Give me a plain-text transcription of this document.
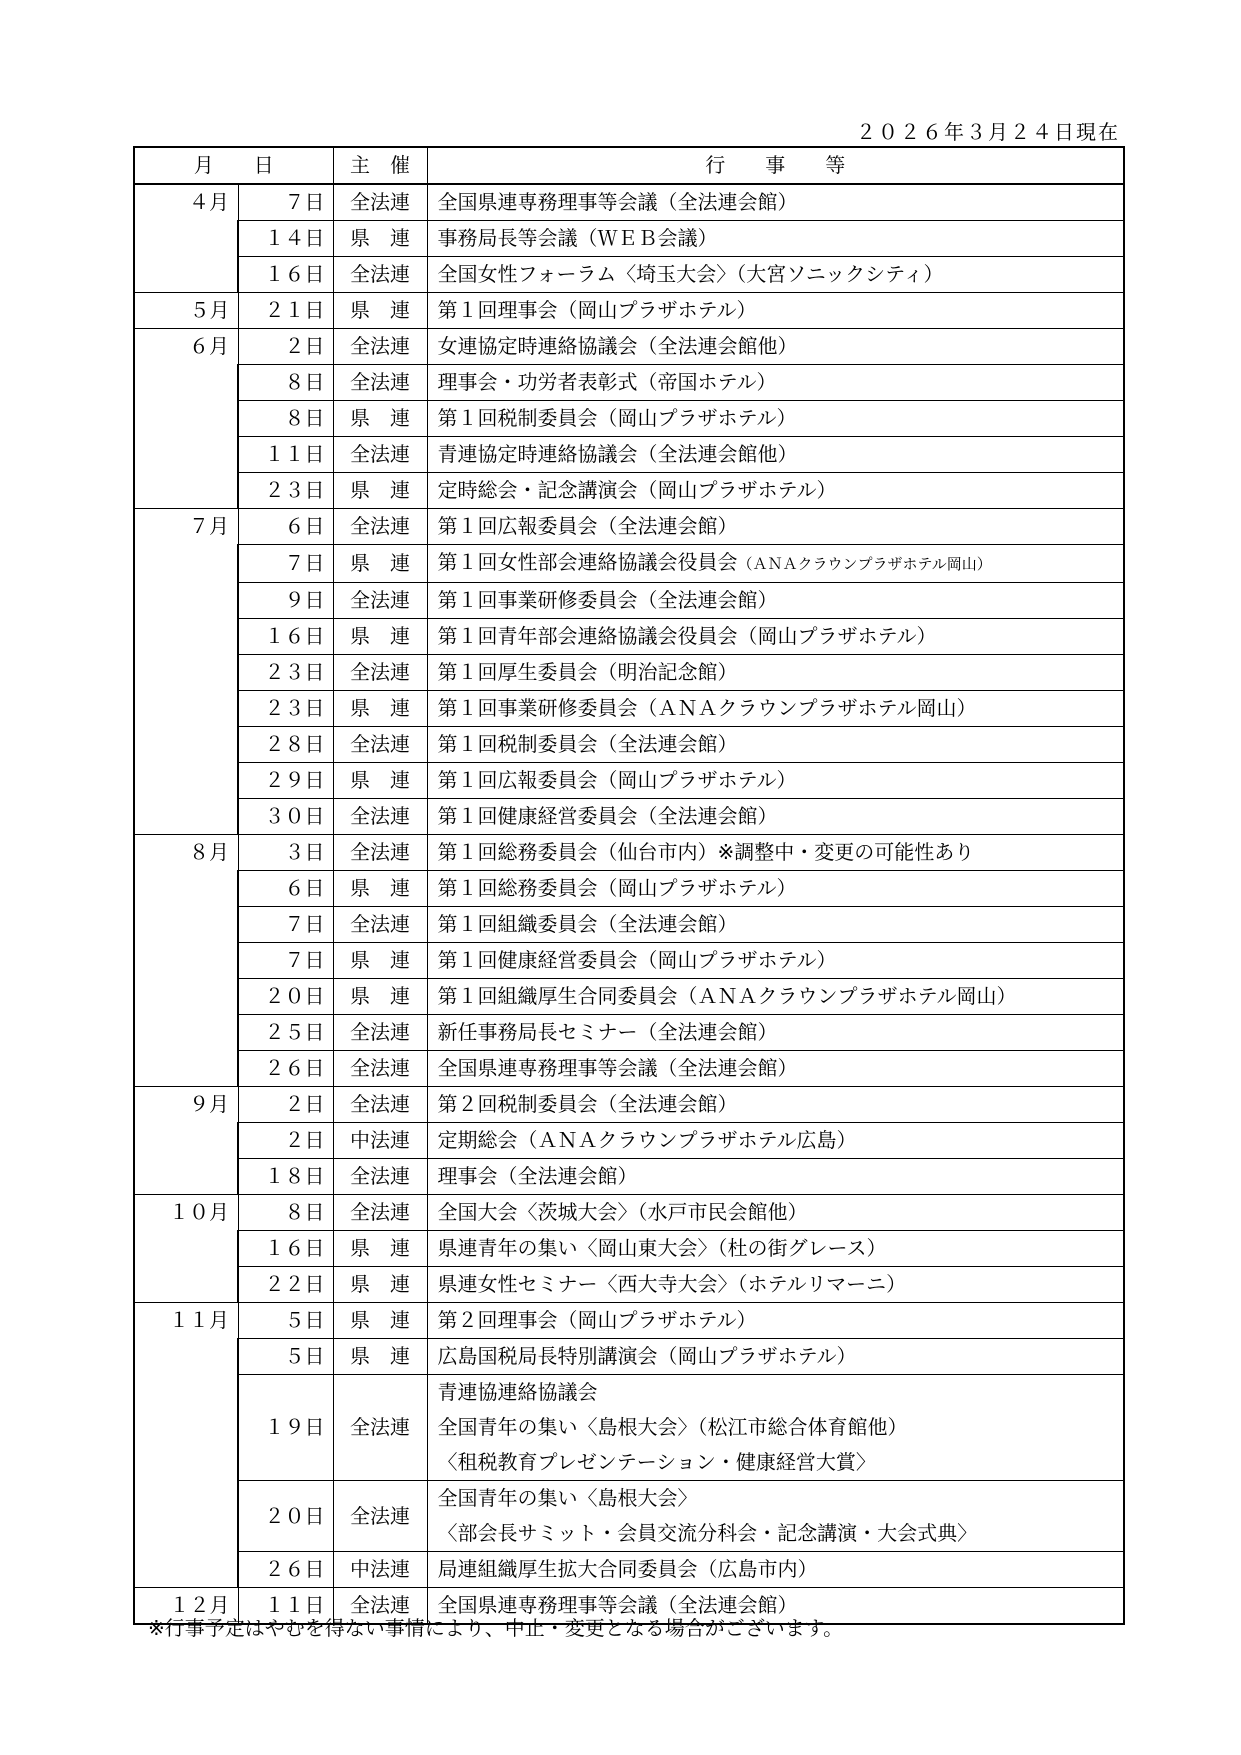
２０２６年３月２４日現在
月　　日		主　催	行　　事　　等
４月	７日	全法連	全国県連専務理事等会議（全法連会館）
	１４日	県　連	事務局長等会議（ＷＥＢ会議）
	１６日	全法連	全国女性フォーラム〈埼玉大会〉（大宮ソニックシティ）
５月	２１日	県　連	第１回理事会（岡山プラザホテル）
６月	２日	全法連	女連協定時連絡協議会（全法連会館他）
	８日	全法連	理事会・功労者表彰式（帝国ホテル）
	８日	県　連	第１回税制委員会（岡山プラザホテル）
	１１日	全法連	青連協定時連絡協議会（全法連会館他）
	２３日	県　連	定時総会・記念講演会（岡山プラザホテル）
７月	６日	全法連	第１回広報委員会（全法連会館）
	７日	県　連	第１回女性部会連絡協議会役員会（ＡＮＡクラウンプラザホテル岡山）
	９日	全法連	第１回事業研修委員会（全法連会館）
	１６日	県　連	第１回青年部会連絡協議会役員会（岡山プラザホテル）
	２３日	全法連	第１回厚生委員会（明治記念館）
	２３日	県　連	第１回事業研修委員会（ＡＮＡクラウンプラザホテル岡山）
	２８日	全法連	第１回税制委員会（全法連会館）
	２９日	県　連	第１回広報委員会（岡山プラザホテル）
	３０日	全法連	第１回健康経営委員会（全法連会館）
８月	３日	全法連	第１回総務委員会（仙台市内）※調整中・変更の可能性あり
	６日	県　連	第１回総務委員会（岡山プラザホテル）
	７日	全法連	第１回組織委員会（全法連会館）
	７日	県　連	第１回健康経営委員会（岡山プラザホテル）
	２０日	県　連	第１回組織厚生合同委員会（ＡＮＡクラウンプラザホテル岡山）
	２５日	全法連	新任事務局長セミナー（全法連会館）
	２６日	全法連	全国県連専務理事等会議（全法連会館）
９月	２日	全法連	第２回税制委員会（全法連会館）
	２日	中法連	定期総会（ＡＮＡクラウンプラザホテル広島）
	１８日	全法連	理事会（全法連会館）
１０月	８日	全法連	全国大会〈茨城大会〉（水戸市民会館他）
	１６日	県　連	県連青年の集い〈岡山東大会〉（杜の街グレース）
	２２日	県　連	県連女性セミナー〈西大寺大会〉（ホテルリマーニ）
１１月	５日	県　連	第２回理事会（岡山プラザホテル）
	５日	県　連	広島国税局長特別講演会（岡山プラザホテル）
	１９日	全法連	青連協連絡協議会
全国青年の集い〈島根大会〉（松江市総合体育館他）
〈租税教育プレゼンテーション・健康経営大賞〉

	２０日	全法連	全国青年の集い〈島根大会〉
〈部会長サミット・会員交流分科会・記念講演・大会式典〉

	２６日	中法連	局連組織厚生拡大合同委員会（広島市内）
１２月	１１日	全法連	全国県連専務理事等会議（全法連会館）
※行事予定はやむを得ない事情により、中止・変更となる場合がございます。
